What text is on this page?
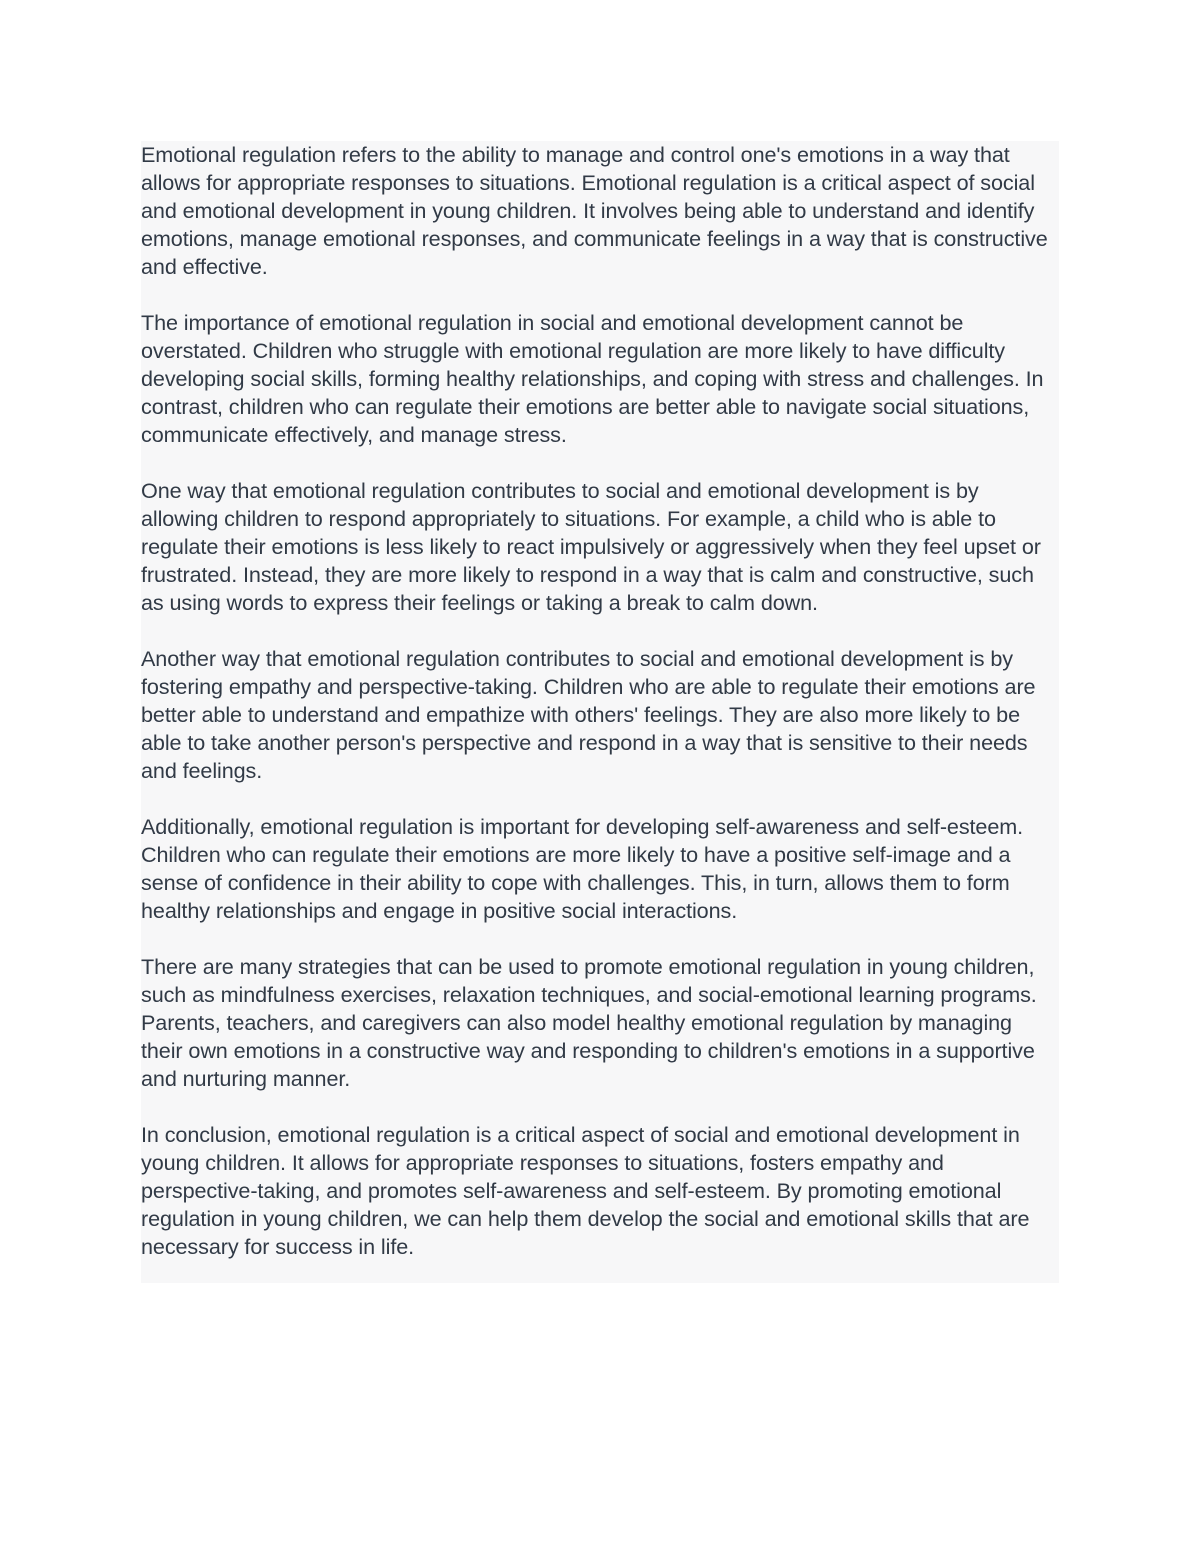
Emotional regulation refers to the ability to manage and control one's emotions in a way that allows for appropriate responses to situations. Emotional regulation is a critical aspect of social and emotional development in young children. It involves being able to understand and identify emotions, manage emotional responses, and communicate feelings in a way that is constructive and effective.

The importance of emotional regulation in social and emotional development cannot be overstated. Children who struggle with emotional regulation are more likely to have difficulty developing social skills, forming healthy relationships, and coping with stress and challenges. In contrast, children who can regulate their emotions are better able to navigate social situations, communicate effectively, and manage stress.

One way that emotional regulation contributes to social and emotional development is by allowing children to respond appropriately to situations. For example, a child who is able to regulate their emotions is less likely to react impulsively or aggressively when they feel upset or frustrated. Instead, they are more likely to respond in a way that is calm and constructive, such as using words to express their feelings or taking a break to calm down.

Another way that emotional regulation contributes to social and emotional development is by fostering empathy and perspective-taking. Children who are able to regulate their emotions are better able to understand and empathize with others' feelings. They are also more likely to be able to take another person's perspective and respond in a way that is sensitive to their needs and feelings.

Additionally, emotional regulation is important for developing self-awareness and self-esteem. Children who can regulate their emotions are more likely to have a positive self-image and a sense of confidence in their ability to cope with challenges. This, in turn, allows them to form healthy relationships and engage in positive social interactions.

There are many strategies that can be used to promote emotional regulation in young children, such as mindfulness exercises, relaxation techniques, and social-emotional learning programs. Parents, teachers, and caregivers can also model healthy emotional regulation by managing their own emotions in a constructive way and responding to children's emotions in a supportive and nurturing manner.

In conclusion, emotional regulation is a critical aspect of social and emotional development in young children. It allows for appropriate responses to situations, fosters empathy and perspective-taking, and promotes self-awareness and self-esteem. By promoting emotional regulation in young children, we can help them develop the social and emotional skills that are necessary for success in life.
